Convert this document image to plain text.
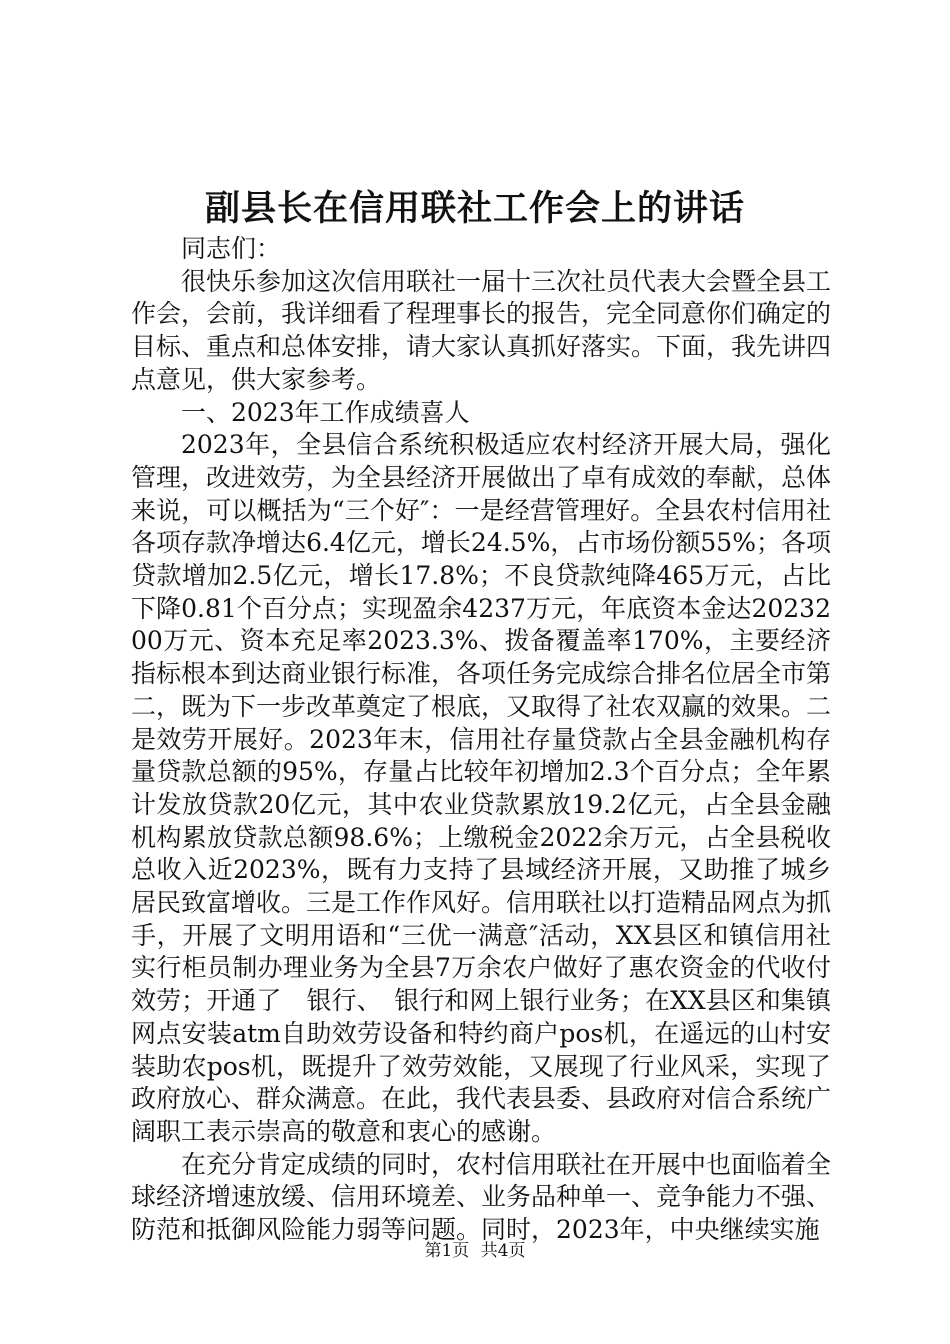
副县长在信用联社工作会上的讲话

同志们：

很快乐参加这次信用联社一届十三次社员代表大会暨全县工作会，会前，我详细看了程理事长的报告，完全同意你们确定的目标、重点和总体安排，请大家认真抓好落实。下面，我先讲四点意见，供大家参考。

一、2023年工作成绩喜人

2023年，全县信合系统积极适应农村经济开展大局，强化管理，改进效劳，为全县经济开展做出了卓有成效的奉献，总体来说，可以概括为“三个好″：一是经营管理好。全县农村信用社各项存款净增达6.4亿元，增长24.5%，占市场份额55%；各项贷款增加2.5亿元，增长17.8%；不良贷款纯降465万元，占比下降0.81个百分点；实现盈余4237万元，年底资本金达2023200万元、资本充足率2023.3%、拨备覆盖率170%，主要经济指标根本到达商业银行标准，各项任务完成综合排名位居全市第二，既为下一步改革奠定了根底，又取得了社农双赢的效果。二是效劳开展好。2023年末，信用社存量贷款占全县金融机构存量贷款总额的95%，存量占比较年初增加2.3个百分点；全年累计发放贷款20亿元，其中农业贷款累放19.2亿元，占全县金融机构累放贷款总额98.6%；上缴税金2022余万元，占全县税收总收入近2023%，既有力支持了县域经济开展，又助推了城乡居民致富增收。三是工作作风好。信用联社以打造精品网点为抓手，开展了文明用语和“三优一满意″活动，XX县区和镇信用社实行柜员制办理业务为全县7万余农户做好了惠农资金的代收付效劳；开通了　银行、　银行和网上银行业务；在XX县区和集镇网点安装atm自助效劳设备和特约商户pos机，在遥远的山村安装助农pos机，既提升了效劳效能，又展现了行业风采，实现了政府放心、群众满意。在此，我代表县委、县政府对信合系统广阔职工表示崇高的敬意和衷心的感谢。

在充分肯定成绩的同时，农村信用联社在开展中也面临着全球经济增速放缓、信用环境差、业务品种单一、竞争能力不强、防范和抵御风险能力弱等问题。同时，2023年，中央继续实施

第1页 共4页
